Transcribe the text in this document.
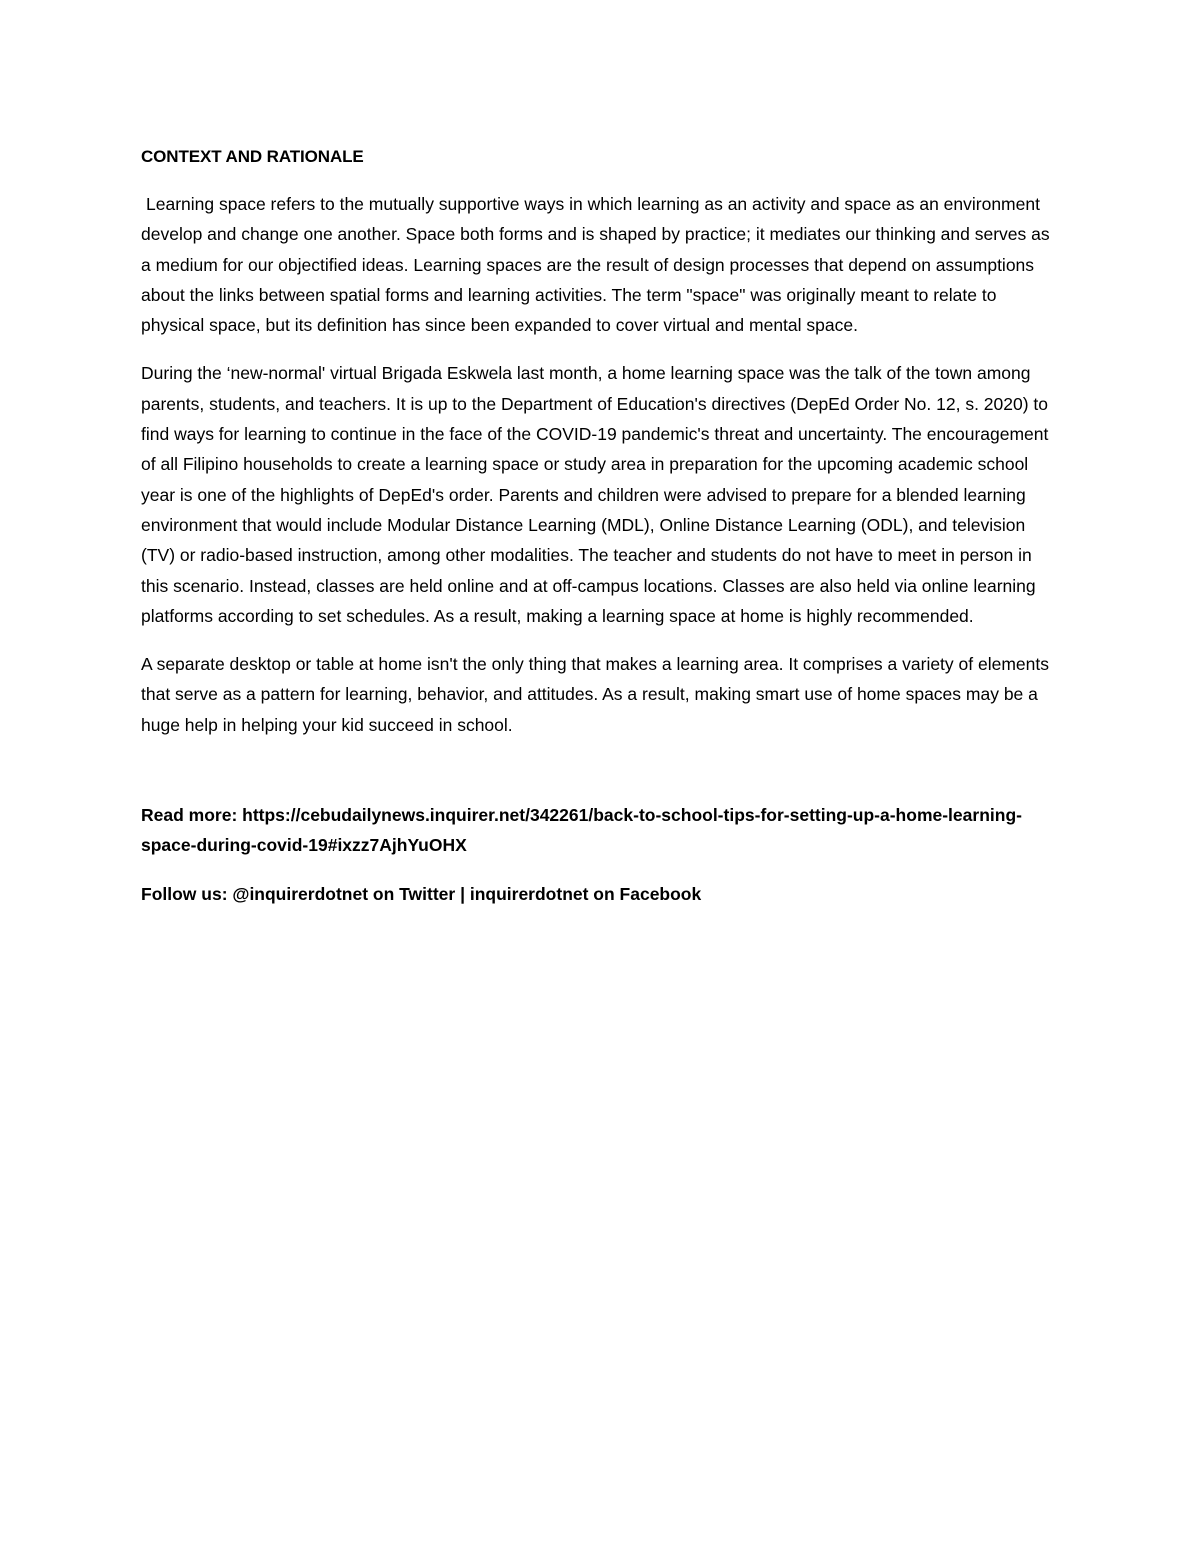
CONTEXT AND RATIONALE

Learning space refers to the mutually supportive ways in which learning as an activity and space as an environment develop and change one another. Space both forms and is shaped by practice; it mediates our thinking and serves as a medium for our objectified ideas. Learning spaces are the result of design processes that depend on assumptions about the links between spatial forms and learning activities. The term "space" was originally meant to relate to physical space, but its definition has since been expanded to cover virtual and mental space.

During the ‘new-normal' virtual Brigada Eskwela last month, a home learning space was the talk of the town among parents, students, and teachers. It is up to the Department of Education's directives (DepEd Order No. 12, s. 2020) to find ways for learning to continue in the face of the COVID-19 pandemic's threat and uncertainty. The encouragement of all Filipino households to create a learning space or study area in preparation for the upcoming academic school year is one of the highlights of DepEd's order. Parents and children were advised to prepare for a blended learning environment that would include Modular Distance Learning (MDL), Online Distance Learning (ODL), and television (TV) or radio-based instruction, among other modalities. The teacher and students do not have to meet in person in this scenario. Instead, classes are held online and at off-campus locations. Classes are also held via online learning platforms according to set schedules. As a result, making a learning space at home is highly recommended.

A separate desktop or table at home isn't the only thing that makes a learning area. It comprises a variety of elements that serve as a pattern for learning, behavior, and attitudes. As a result, making smart use of home spaces may be a huge help in helping your kid succeed in school.

Read more: https://cebudailynews.inquirer.net/342261/back-to-school-tips-for-setting-up-a-home-learning-space-during-covid-19#ixzz7AjhYuOHX

Follow us: @inquirerdotnet on Twitter | inquirerdotnet on Facebook
